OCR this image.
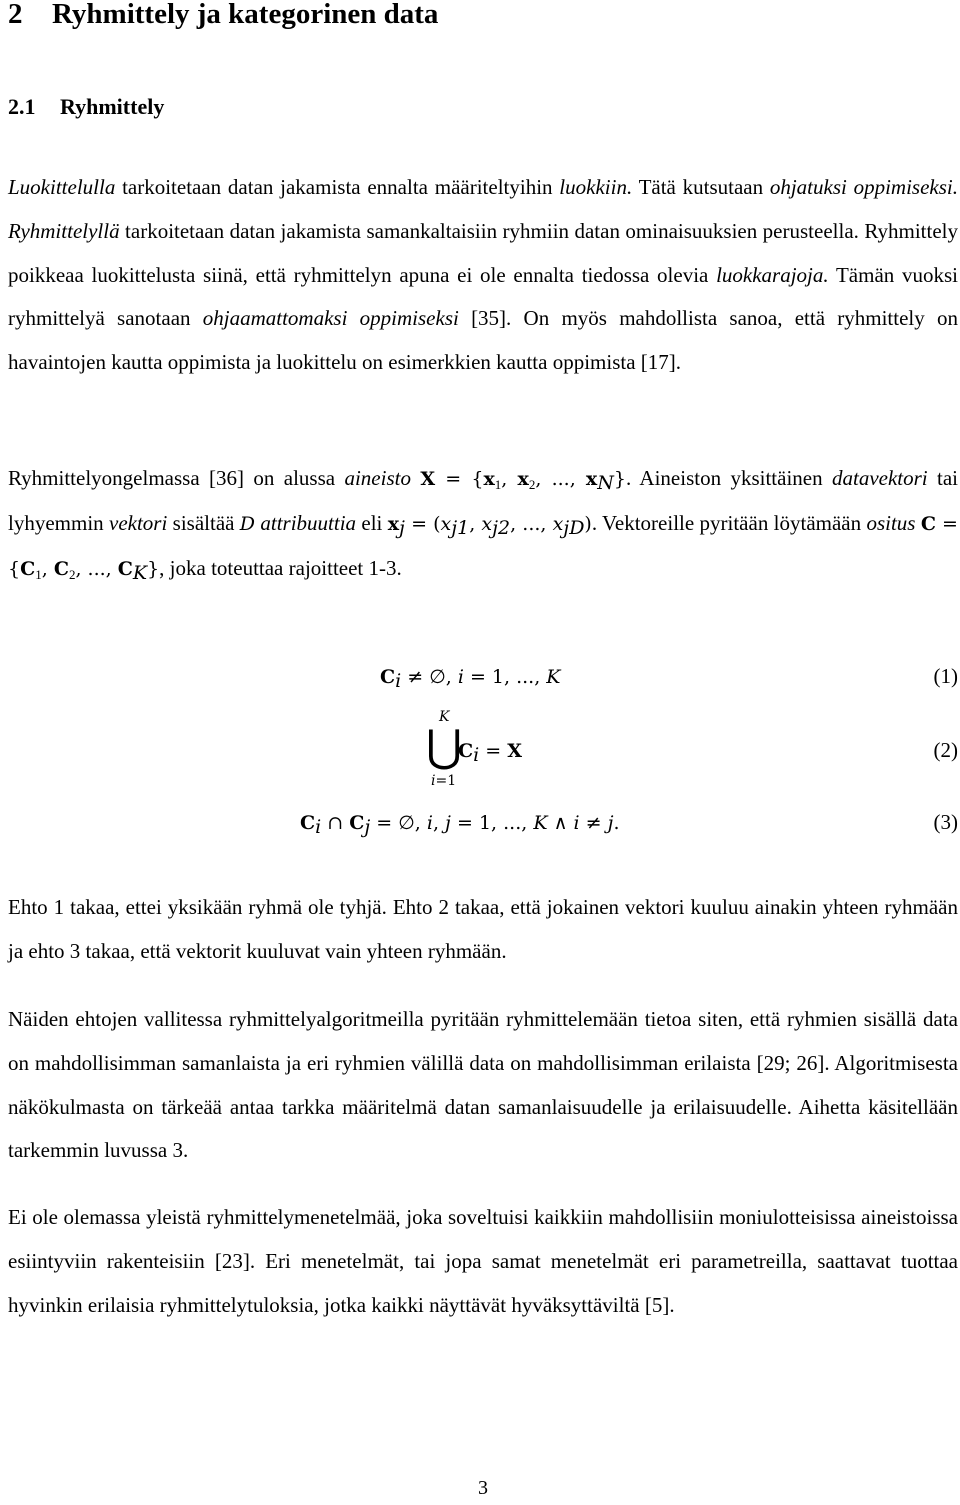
2 Ryhmittely ja kategorinen data
2.1 Ryhmittely

Luokittelulla tarkoitetaan datan jakamista ennalta määriteltyihin luokkiin. Tätä kutsutaan ohjatuksi oppimiseksi. Ryhmittelyllä tarkoitetaan datan jakamista samankaltaisiin ryhmiin datan ominaisuuksien perusteella. Ryhmittely poikkeaa luokittelusta siinä, että ryhmittelyn apuna ei ole ennalta tiedossa olevia luokkarajoja. Tämän vuoksi ryhmittelyä sanotaan ohjaamattomaksi oppimiseksi [35]. On myös mahdollista sanoa, että ryhmittely on havaintojen kautta oppimista ja luokittelu on esimerkkien kautta oppimista [17].

Ryhmittelyongelmassa [36] on alussa aineisto $X = \{x_1$, $x_2$, ..., $x_N$}. Aineiston yksittäinen datavektori tai lyhyemmin vektori sisältää D attribuuttia eli $x_j = (x_{j1}$, $x_{j2}$, ..., $x_{jD}$). Vektoreille pyritään löytämään ositus $C = \{C_1$, $C_2$, ..., $C_K$}, joka toteuttaa rajoitteet 1-3.

$C_i$ ≠ ∅, i = 1, ..., K	(1)
K
⋃
i=1
$C_i = X$	(2)
$C_i$ ∩ $C_j$ = ∅, i, j = 1, ..., K ∧ i ≠ j.	(3)

Ehto 1 takaa, ettei yksikään ryhmä ole tyhjä. Ehto 2 takaa, että jokainen vektori kuuluu ainakin yhteen ryhmään ja ehto 3 takaa, että vektorit kuuluvat vain yhteen ryhmään.

Näiden ehtojen vallitessa ryhmittelyalgoritmeilla pyritään ryhmittelemään tietoa siten, että ryhmien sisällä data on mahdollisimman samanlaista ja eri ryhmien välillä data on mahdollisimman erilaista [29; 26]. Algoritmisesta näkökulmasta on tärkeää antaa tarkka määritelmä datan samanlaisuudelle ja erilaisuudelle. Aihetta käsitellään tarkemmin luvussa 3.

Ei ole olemassa yleistä ryhmittelymenetelmää, joka soveltuisi kaikkiin mahdollisiin moniulotteisissa aineistoissa esiintyviin rakenteisiin [23]. Eri menetelmät, tai jopa samat menetelmät eri parametreilla, saattavat tuottaa hyvinkin erilaisia ryhmittelytuloksia, jotka kaikki näyttävät hyväksyttäviltä [5].

3
